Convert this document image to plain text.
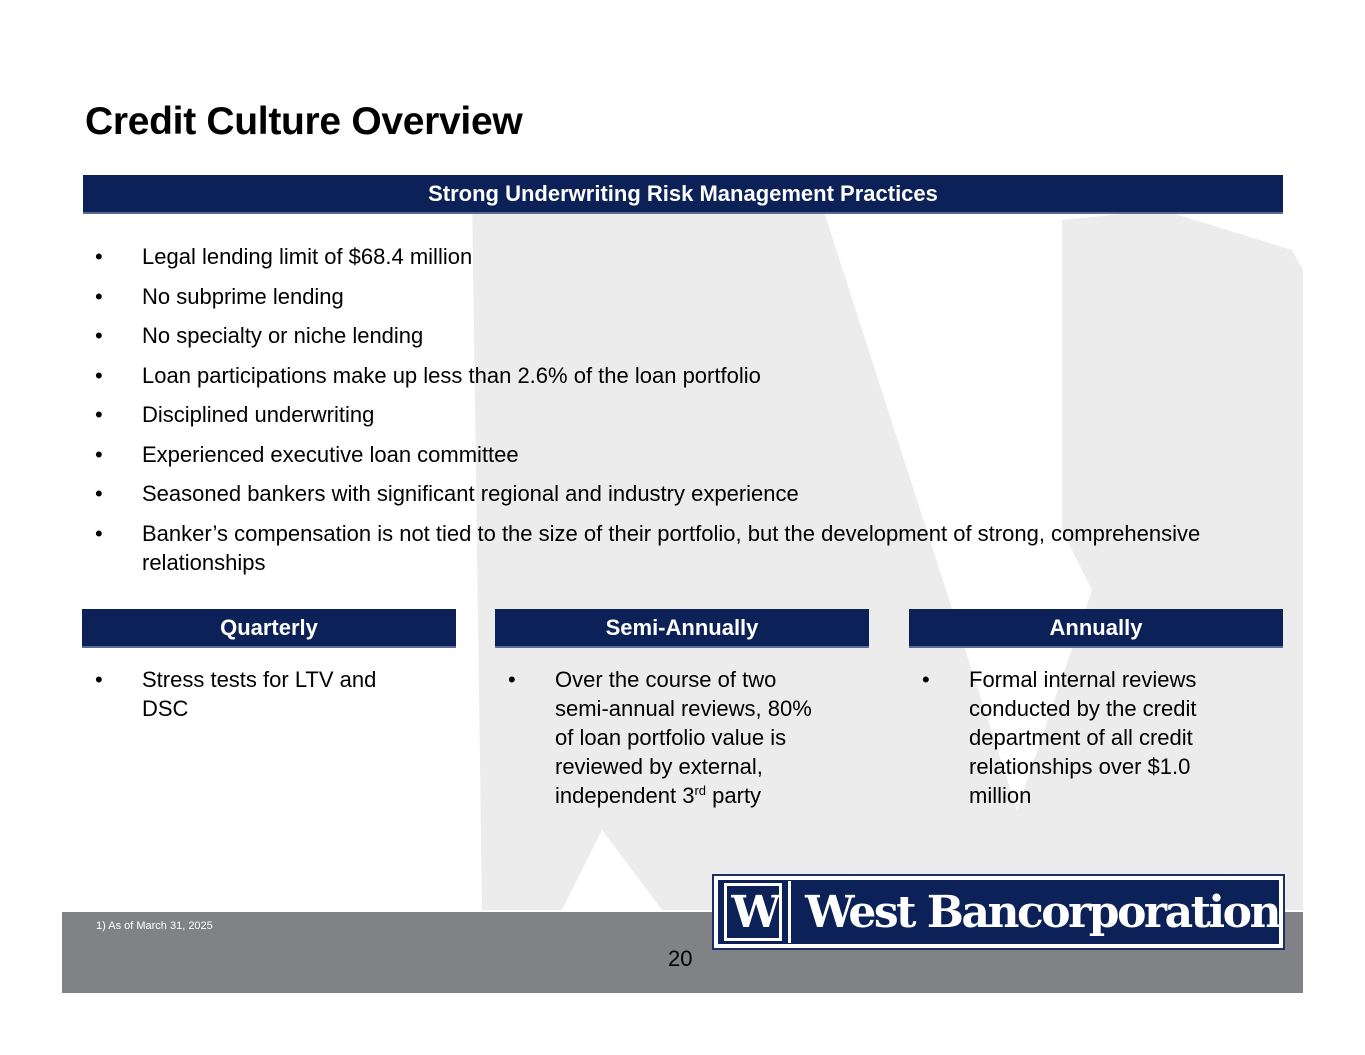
Credit Culture Overview
Strong Underwriting Risk Management Practices
• Legal lending limit of $68.4 million
• No subprime lending
• No specialty or niche lending
• Loan participations make up less than 2.6% of the loan portfolio
• Disciplined underwriting
• Experienced executive loan committee
• Seasoned bankers with significant regional and industry experience
• Banker’s compensation is not tied to the size of their portfolio, but the development of strong, comprehensive relationships
Quarterly	Semi-Annually	Annually
• Stress tests for LTV and DSC
• Over the course of two semi-annual reviews, 80% of loan portfolio value is reviewed by external, independent 3rd party
• Formal internal reviews conducted by the credit department of all credit relationships over $1.0 million
1) As of March 31, 2025
20
W West Bancorporation
